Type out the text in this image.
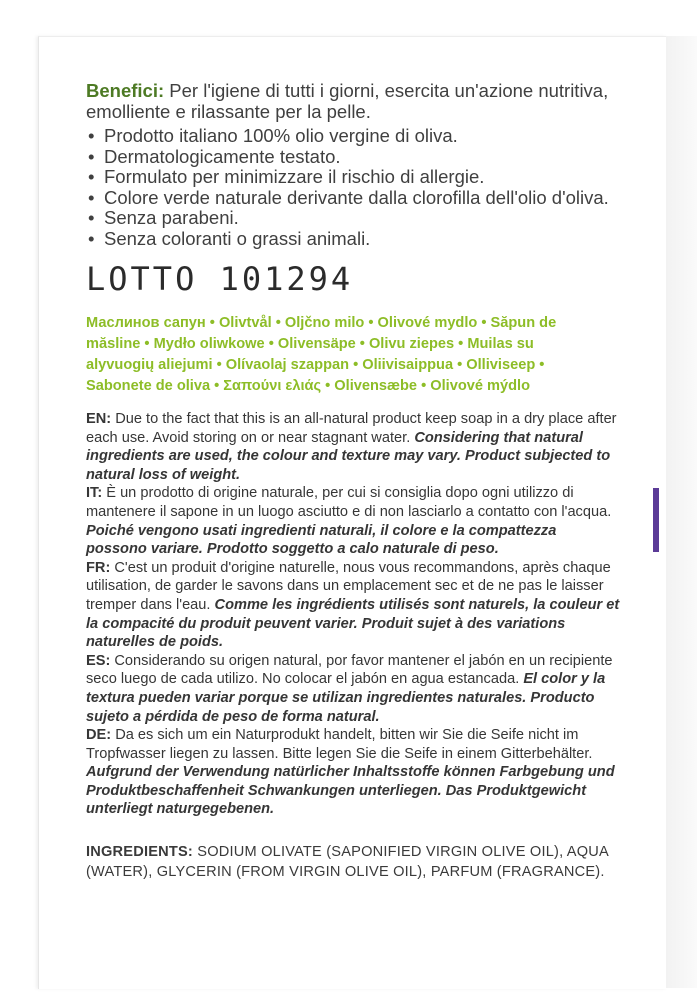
Benefici: Per l'igiene di tutti i giorni, esercita un'azione nutritiva, emolliente e rilassante per la pelle.
• Prodotto italiano 100% olio vergine di oliva.
• Dermatologicamente testato.
• Formulato per minimizzare il rischio di allergie.
• Colore verde naturale derivante dalla clorofilla dell'olio d'oliva.
• Senza parabeni.
• Senza coloranti o grassi animali.
LOTTO 101294
Маслинов сапун • Olivtvål • Oljčno milo • Olivové mydlo • Săpun de
măsline • Mydło oliwkowe • Olivensäpe • Olivu ziepes • Muilas su
alyvuogių aliejumi • Olívaolaj szappan • Oliivisaippua • Olliviseep •
Sabonete de oliva • Σαπούνι ελιάς • Olivensæbe • Olivové mýdlo

EN: Due to the fact that this is an all-natural product keep soap in a dry place after each use. Avoid storing on or near stagnant water. Considering that natural ingredients are used, the colour and texture may vary. Product subjected to natural loss of weight.

IT: È un prodotto di origine naturale, per cui si consiglia dopo ogni utilizzo di mantenere il sapone in un luogo asciutto e di non lasciarlo a contatto con l'acqua. Poiché vengono usati ingredienti naturali, il colore e la compattezza possono variare. Prodotto soggetto a calo naturale di peso.

FR: C'est un produit d'origine naturelle, nous vous recommandons, après chaque utilisation, de garder le savons dans un emplacement sec et de ne pas le laisser tremper dans l'eau. Comme les ingrédients utilisés sont naturels, la couleur et la compacité du produit peuvent varier. Produit sujet à des variations naturelles de poids.

ES: Considerando su origen natural, por favor mantener el jabón en un recipiente seco luego de cada utilizo. No colocar el jabón en agua estancada. El color y la textura pueden variar porque se utilizan ingredientes naturales. Producto sujeto a pérdida de peso de forma natural.

DE: Da es sich um ein Naturprodukt handelt, bitten wir Sie die Seife nicht im Tropfwasser liegen zu lassen. Bitte legen Sie die Seife in einem Gitterbehälter. Aufgrund der Verwendung natürlicher Inhaltsstoffe können Farbgebung und Produktbeschaffenheit Schwankungen unterliegen. Das Produktgewicht unterliegt naturgegebenen.

INGREDIENTS: SODIUM OLIVATE (SAPONIFIED VIRGIN OLIVE OIL), AQUA (WATER), GLYCERIN (FROM VIRGIN OLIVE OIL), PARFUM (FRAGRANCE).
